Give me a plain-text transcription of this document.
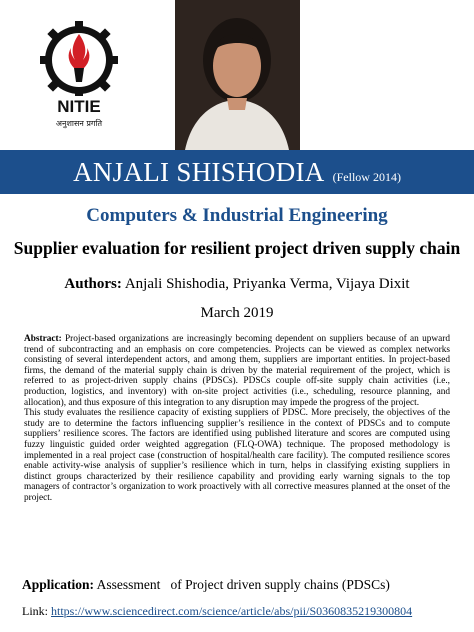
NITIE
अनुशासन प्रगति
ANJALI SHISHODIA (Fellow 2014)
Computers & Industrial Engineering
Supplier evaluation for resilient project driven supply chain
Authors: Anjali Shishodia, Priyanka Verma, Vijaya Dixit
March 2019

Abstract: Project-based organizations are increasingly becoming dependent on suppliers because of an upward trend of subcontracting and an emphasis on core competencies. Projects can be viewed as complex networks consisting of several interdependent actors, and among them, suppliers are important entities. In project-based firms, the demand of the material supply chain is driven by the material requirement of the project, which is referred to as project-driven supply chains (PDSCs). PDSCs couple off-site supply chain activities (i.e., production, logistics, and inventory) with on-site project activities (i.e., scheduling, resource planning, and allocation), and thus exposure of this integration to any disruption may impede the progress of the project.

This study evaluates the resilience capacity of existing suppliers of PDSC. More precisely, the objectives of the study are to determine the factors influencing supplier’s resilience in the context of PDSCs and to compute suppliers’ resilience scores. The factors are identified using published literature and scores are computed using fuzzy linguistic guided order weighted aggregation (FLQ-OWA) technique. The proposed methodology is implemented in a real project case (construction of hospital/health care facility). The computed resilience scores enable activity-wise analysis of supplier’s resilience which in turn, helps in classifying existing suppliers in distinct groups characterized by their resilience capability and providing early warning signals to the top managers of contractor’s organization to work proactively with all corrective measures planned at the onset of the project.

Application: Assessment   of Project driven supply chains (PDSCs)
Link: https://www.sciencedirect.com/science/article/abs/pii/S0360835219300804
